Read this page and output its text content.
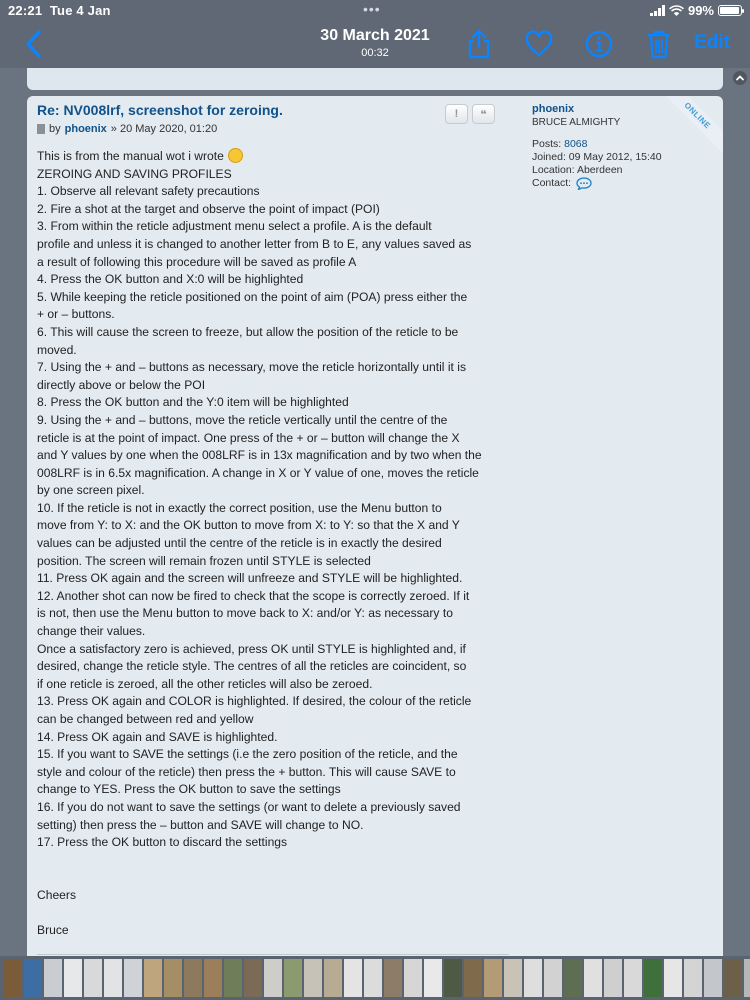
22:21 Tue 4 Jan	•••	99%
30 March 2021
00:32	Edit
ONLINE
Re: NV008lrf, screenshot for zeroing.
by phoenix » 20 May 2020, 01:20
!	❝

This is from the manual wot i wrote

ZEROING AND SAVING PROFILES

1. Observe all relevant safety precautions

2. Fire a shot at the target and observe the point of impact (POI)

3. From within the reticle adjustment menu select a profile. A is the default

profile and unless it is changed to another letter from B to E, any values saved as

a result of following this procedure will be saved as profile A

4. Press the OK button and X:0 will be highlighted

5. While keeping the reticle positioned on the point of aim (POA) press either the

+ or – buttons.

6. This will cause the screen to freeze, but allow the position of the reticle to be

moved.

7. Using the + and – buttons as necessary, move the reticle horizontally until it is

directly above or below the POI

8. Press the OK button and the Y:0 item will be highlighted

9. Using the + and – buttons, move the reticle vertically until the centre of the

reticle is at the point of impact. One press of the + or – button will change the X

and Y values by one when the 008LRF is in 13x magnification and by two when the

008LRF is in 6.5x magnification. A change in X or Y value of one, moves the reticle

by one screen pixel.

10. If the reticle is not in exactly the correct position, use the Menu button to

move from Y: to X: and the OK button to move from X: to Y: so that the X and Y

values can be adjusted until the centre of the reticle is in exactly the desired

position. The screen will remain frozen until STYLE is selected

11. Press OK again and the screen will unfreeze and STYLE will be highlighted.

12. Another shot can now be fired to check that the scope is correctly zeroed. If it

is not, then use the Menu button to move back to X: and/or Y: as necessary to

change their values.

Once a satisfactory zero is achieved, press OK until STYLE is highlighted and, if

desired, change the reticle style. The centres of all the reticles are coincident, so

if one reticle is zeroed, all the other reticles will also be zeroed.

13. Press OK again and COLOR is highlighted. If desired, the colour of the reticle

can be changed between red and yellow

14. Press OK again and SAVE is highlighted.

15. If you want to SAVE the settings (i.e the zero position of the reticle, and the

style and colour of the reticle) then press the + button. This will cause SAVE to

change to YES. Press the OK button to save the settings

16. If you do not want to save the settings (or want to delete a previously saved

setting) then press the – button and SAVE will change to NO.

17. Press the OK button to discard the settings

Cheers

Bruce

phoenix
BRUCE ALMIGHTY
Posts: 8068
Joined: 09 May 2012, 15:40
Location: Aberdeen
Contact:
